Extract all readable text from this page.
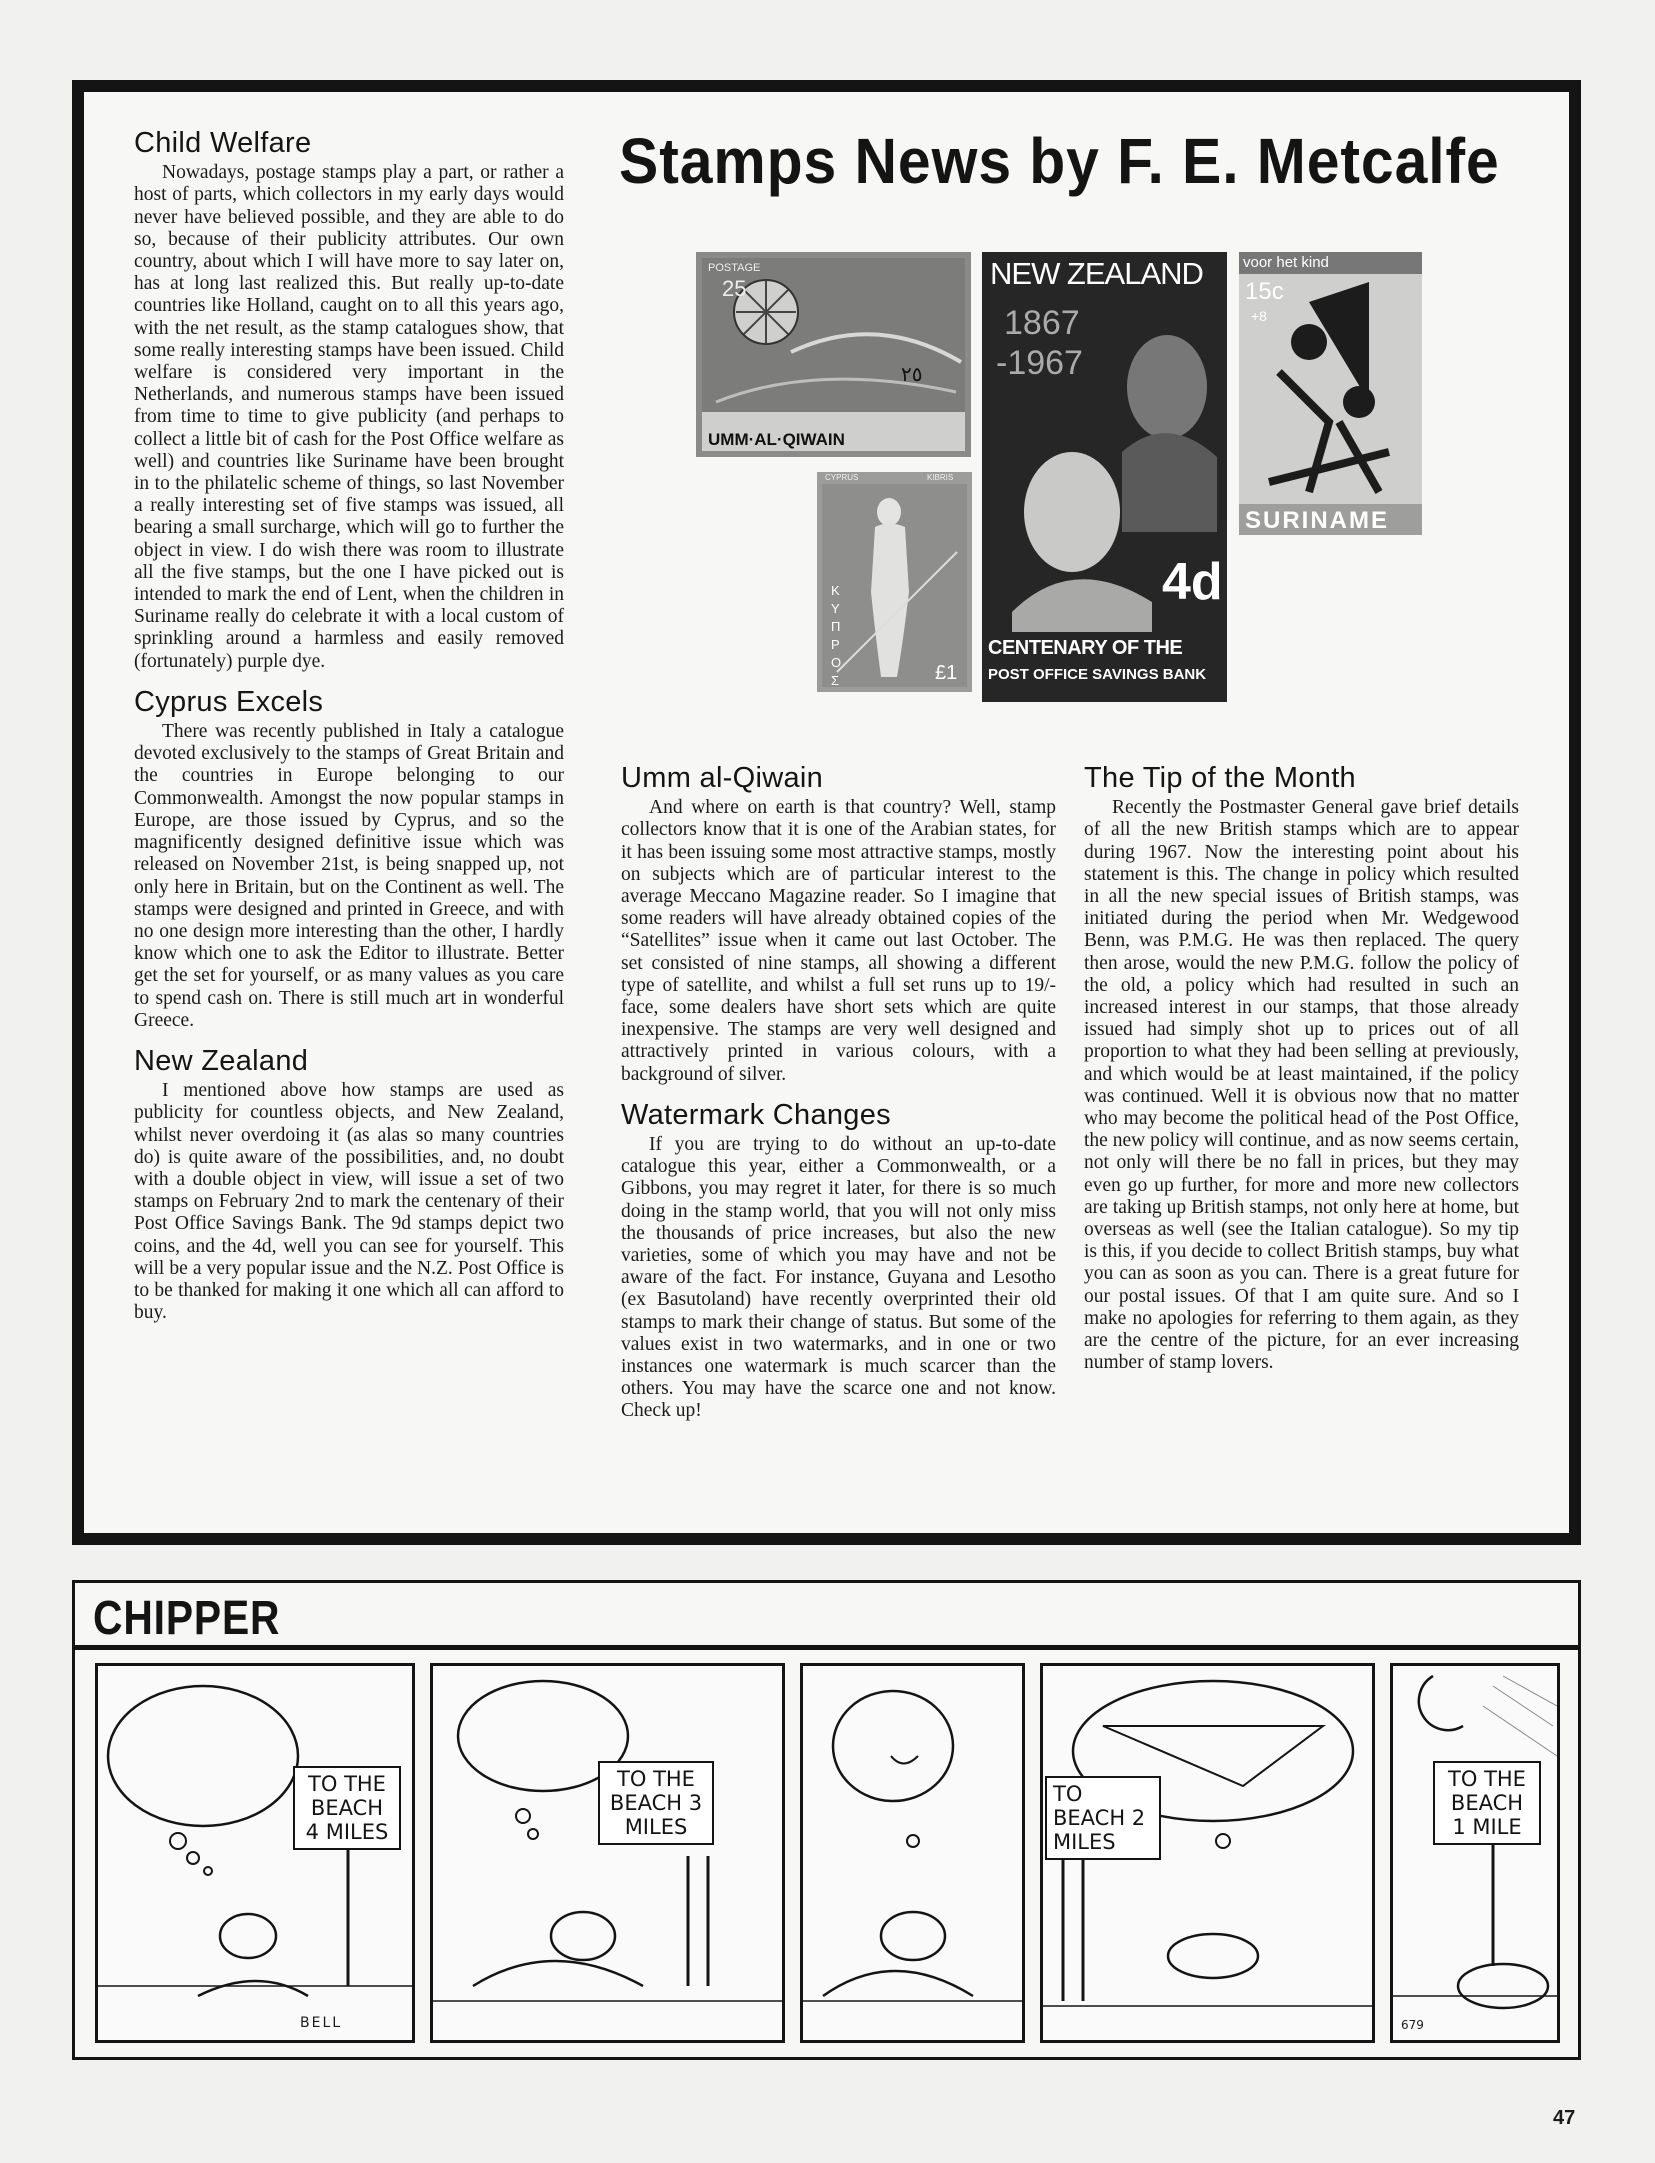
Stamps News by F. E. Metcalfe
Child Welfare

Nowadays, postage stamps play a part, or rather a host of parts, which collectors in my early days would never have believed possible, and they are able to do so, because of their publicity attributes. Our own country, about which I will have more to say later on, has at long last realized this. But really up-to-date countries like Holland, caught on to all this years ago, with the net result, as the stamp catalogues show, that some really interesting stamps have been issued. Child welfare is considered very important in the Netherlands, and numerous stamps have been issued from time to time to give publicity (and perhaps to collect a little bit of cash for the Post Office welfare as well) and countries like Suriname have been brought in to the philatelic scheme of things, so last November a really interesting set of five stamps was issued, all bearing a small surcharge, which will go to further the object in view. I do wish there was room to illustrate all the five stamps, but the one I have picked out is intended to mark the end of Lent, when the children in Suriname really do celebrate it with a local custom of sprinkling around a harmless and easily removed (fortunately) purple dye.

Cyprus Excels

There was recently published in Italy a catalogue devoted exclusively to the stamps of Great Britain and the countries in Europe belonging to our Commonwealth. Amongst the now popular stamps in Europe, are those issued by Cyprus, and so the magnificently designed definitive issue which was released on November 21st, is being snapped up, not only here in Britain, but on the Continent as well. The stamps were designed and printed in Greece, and with no one design more interesting than the other, I hardly know which one to ask the Editor to illustrate. Better get the set for yourself, or as many values as you care to spend cash on. There is still much art in wonderful Greece.

New Zealand

I mentioned above how stamps are used as publicity for countless objects, and New Zealand, whilst never overdoing it (as alas so many countries do) is quite aware of the possibilities, and, no doubt with a double object in view, will issue a set of two stamps on February 2nd to mark the centenary of their Post Office Savings Bank. The 9d stamps depict two coins, and the 4d, well you can see for yourself. This will be a very popular issue and the N.Z. Post Office is to be thanked for making it one which all can afford to buy.

Umm al-Qiwain

And where on earth is that country? Well, stamp collectors know that it is one of the Arabian states, for it has been issuing some most attractive stamps, mostly on subjects which are of particular interest to the average Meccano Magazine reader. So I imagine that some readers will have already obtained copies of the “Satellites” issue when it came out last October. The set consisted of nine stamps, all showing a different type of satellite, and whilst a full set runs up to 19/- face, some dealers have short sets which are quite inexpensive. The stamps are very well designed and attractively printed in various colours, with a background of silver.

Watermark Changes

If you are trying to do without an up-to-date catalogue this year, either a Commonwealth, or a Gibbons, you may regret it later, for there is so much doing in the stamp world, that you will not only miss the thousands of price increases, but also the new varieties, some of which you may have and not be aware of the fact. For instance, Guyana and Lesotho (ex Basutoland) have recently overprinted their old stamps to mark their change of status. But some of the values exist in two watermarks, and in one or two instances one watermark is much scarcer than the others. You may have the scarce one and not know. Check up!

The Tip of the Month

Recently the Postmaster General gave brief details of all the new British stamps which are to appear during 1967. Now the interesting point about his statement is this. The change in policy which resulted in all the new special issues of British stamps, was initiated during the period when Mr. Wedgewood Benn, was P.M.G. He was then replaced. The query then arose, would the new P.M.G. follow the policy of the old, a policy which had resulted in such an increased interest in our stamps, that those already issued had simply shot up to prices out of all proportion to what they had been selling at previously, and which would be at least maintained, if the policy was continued. Well it is obvious now that no matter who may become the political head of the Post Office, the new policy will continue, and as now seems certain, not only will there be no fall in prices, but they may even go up further, for more and more new collectors are taking up British stamps, not only here at home, but overseas as well (see the Italian catalogue). So my tip is this, if you decide to collect British stamps, buy what you can as soon as you can. There is a great future for our postal issues. Of that I am quite sure. And so I make no apologies for referring to them again, as they are the centre of the picture, for an ever increasing number of stamp lovers.

POSTAGE
25
٢٥
UMM·AL·QIWAIN
CYPRUS	KIBRIS
ΚΥΠΡΟΣ	£1
NEW ZEALAND
1867
-1967
4d
CENTENARY OF THE
POST OFFICE SAVINGS BANK
voor het kind
15c
+8
SURINAME
CHIPPER
TO THE BEACH 4 MILES
TO THE BEACH 3 MILES
TO BEACH 2 MILES
TO THE BEACH 1 MILE
679
BELL
47
